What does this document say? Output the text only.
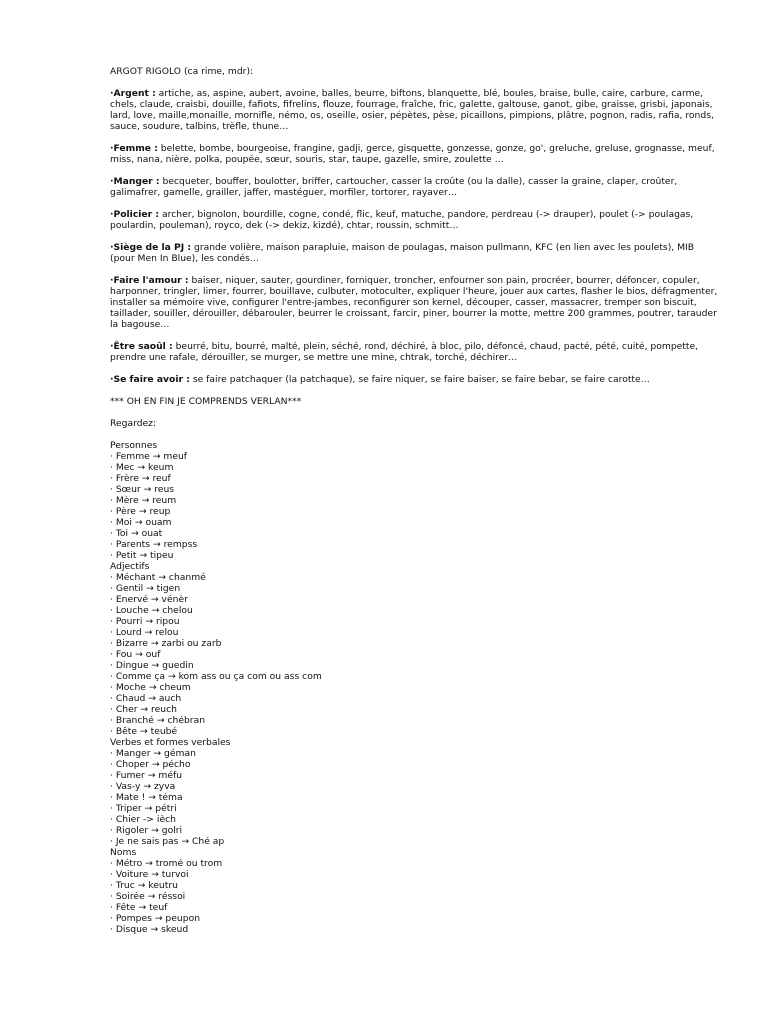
ARGOT RIGOLO (ca rime, mdr):

·Argent : artiche, as, aspine, aubert, avoine, balles, beurre, biftons, blanquette, blé, boules, braise, bulle, caire, carbure, carme, chels, claude, craisbi, douille, fafiots, fifrelins, flouze, fourrage, fraîche, fric, galette, galtouse, ganot, gibe, graisse, grisbi, japonais, lard, love, maille,monaille, mornifle, némo, os, oseille, osier, pépètes, pèse, picaillons, pimpions, plâtre, pognon, radis, rafia, ronds, sauce, soudure, talbins, trèfle, thune…

·Femme : belette, bombe, bourgeoise, frangine, gadji, gerce, gisquette, gonzesse, gonze, go', greluche, greluse, grognasse, meuf, miss, nana, nière, polka, poupée, sœur, souris, star, taupe, gazelle, smire, zoulette …

·Manger : becqueter, bouffer, boulotter, briffer, cartoucher, casser la croûte (ou la dalle), casser la graine, claper, croûter, galimafrer, gamelle, grailler, jaffer, mastéguer, morfiler, tortorer, rayaver…

·Policier : archer, bignolon, bourdille, cogne, condé, flic, keuf, matuche, pandore, perdreau (-> drauper), poulet (-> poulagas, poulardin, pouleman), royco, dek (-> dekiz, kizdé), chtar, roussin, schmitt…

·Siège de la PJ : grande volière, maison parapluie, maison de poulagas, maison pullmann, KFC (en lien avec les poulets), MIB (pour Men In Blue), les condés…

·Faire l'amour : baiser, niquer, sauter, gourdiner, forniquer, troncher, enfourner son pain, procréer, bourrer, défoncer, copuler, harponner, tringler, limer, fourrer, bouillave, culbuter, motoculter, expliquer l'heure, jouer aux cartes, flasher le bios, défragmenter, installer sa mémoire vive, configurer l'entre-jambes, reconfigurer son kernel, découper, casser, massacrer, tremper son biscuit, taillader, souiller, dérouiller, débarouler, beurrer le croissant, farcir, piner, bourrer la motte, mettre 200 grammes, poutrer, tarauder la bagouse…

·Être saoûl : beurré, bitu, bourré, malté, plein, séché, rond, déchiré, à bloc, pilo, défoncé, chaud, pacté, pété, cuité, pompette, prendre une rafale, dérouiller, se murger, se mettre une mine, chtrak, torché, déchirer…

·Se faire avoir : se faire patchaquer (la patchaque), se faire niquer, se faire baiser, se faire bebar, se faire carotte…

*** OH EN FIN JE COMPRENDS VERLAN***

Regardez:

Personnes

· Femme → meuf
· Mec → keum
· Frère → reuf
· Sœur → reus
· Mère → reum
· Père → reup
· Moi → ouam
· Toi → ouat
· Parents → rempss
· Petit → tipeu

Adjectifs

· Méchant → chanmé
· Gentil → tigen
· Enervé → vénèr
· Louche → chelou
· Pourri → ripou
· Lourd → relou
· Bizarre → zarbi ou zarb
· Fou → ouf
· Dingue → guedin
· Comme ça → kom ass ou ça com ou ass com
· Moche → cheum
· Chaud → auch
· Cher → reuch
· Branché → chébran
· Bête → teubé

Verbes et formes verbales

· Manger → géman
· Choper → pécho
· Fumer → méfu
· Vas-y → zyva
· Mate ! → téma
· Triper → pétri
· Chier -> ièch
· Rigoler → golri
· Je ne sais pas → Ché ap

Noms

· Métro → tromé ou trom
· Voiture → turvoi
· Truc → keutru
· Soirée → réssoi
· Fête → teuf
· Pompes → peupon
· Disque → skeud
